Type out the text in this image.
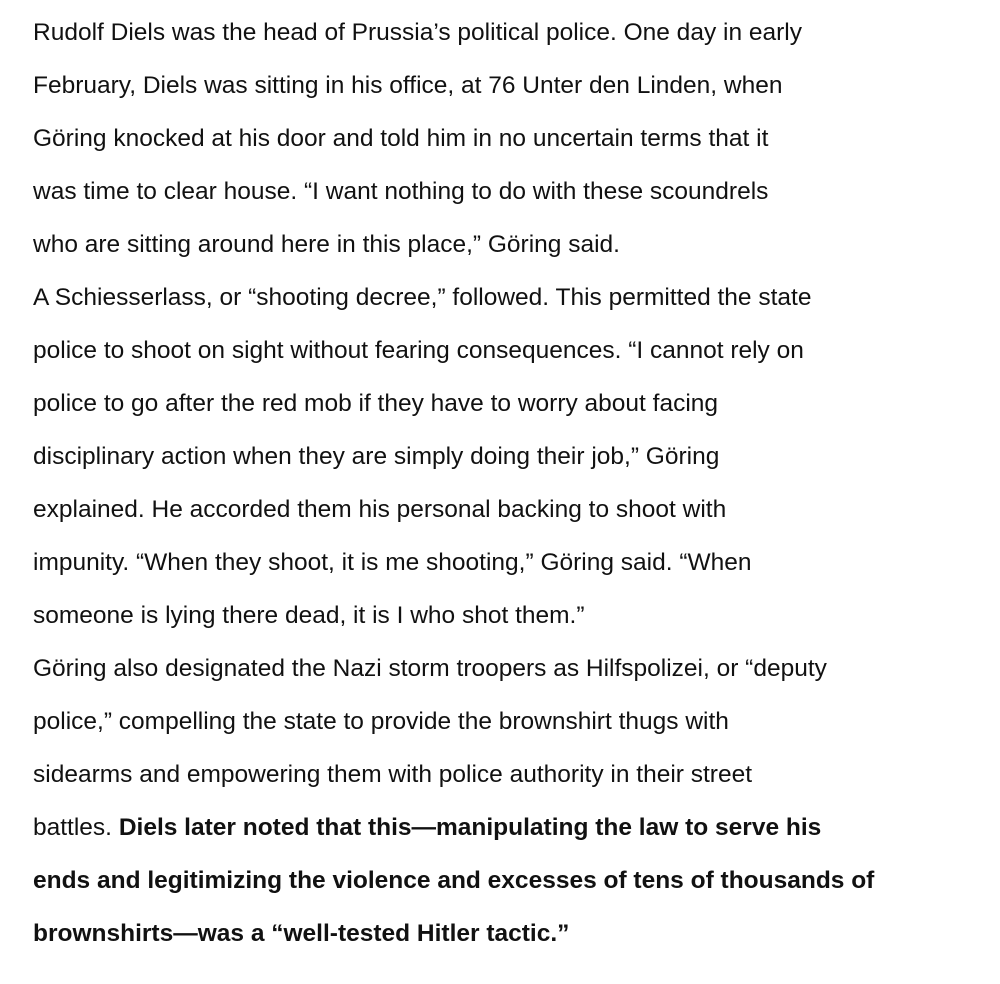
Rudolf Diels was the head of Prussia’s political police. One day in early
February, Diels was sitting in his office, at 76 Unter den Linden, when
Göring knocked at his door and told him in no uncertain terms that it
was time to clear house. “I want nothing to do with these scoundrels
who are sitting around here in this place,” Göring said.
A Schiesserlass, or “shooting decree,” followed. This permitted the state
police to shoot on sight without fearing consequences. “I cannot rely on
police to go after the red mob if they have to worry about facing
disciplinary action when they are simply doing their job,” Göring
explained. He accorded them his personal backing to shoot with
impunity. “When they shoot, it is me shooting,” Göring said. “When
someone is lying there dead, it is I who shot them.”
Göring also designated the Nazi storm troopers as Hilfspolizei, or “deputy
police,” compelling the state to provide the brownshirt thugs with
sidearms and empowering them with police authority in their street
battles. Diels later noted that this—manipulating the law to serve his
ends and legitimizing the violence and excesses of tens of thousands of
brownshirts—was a “well-tested Hitler tactic.”
